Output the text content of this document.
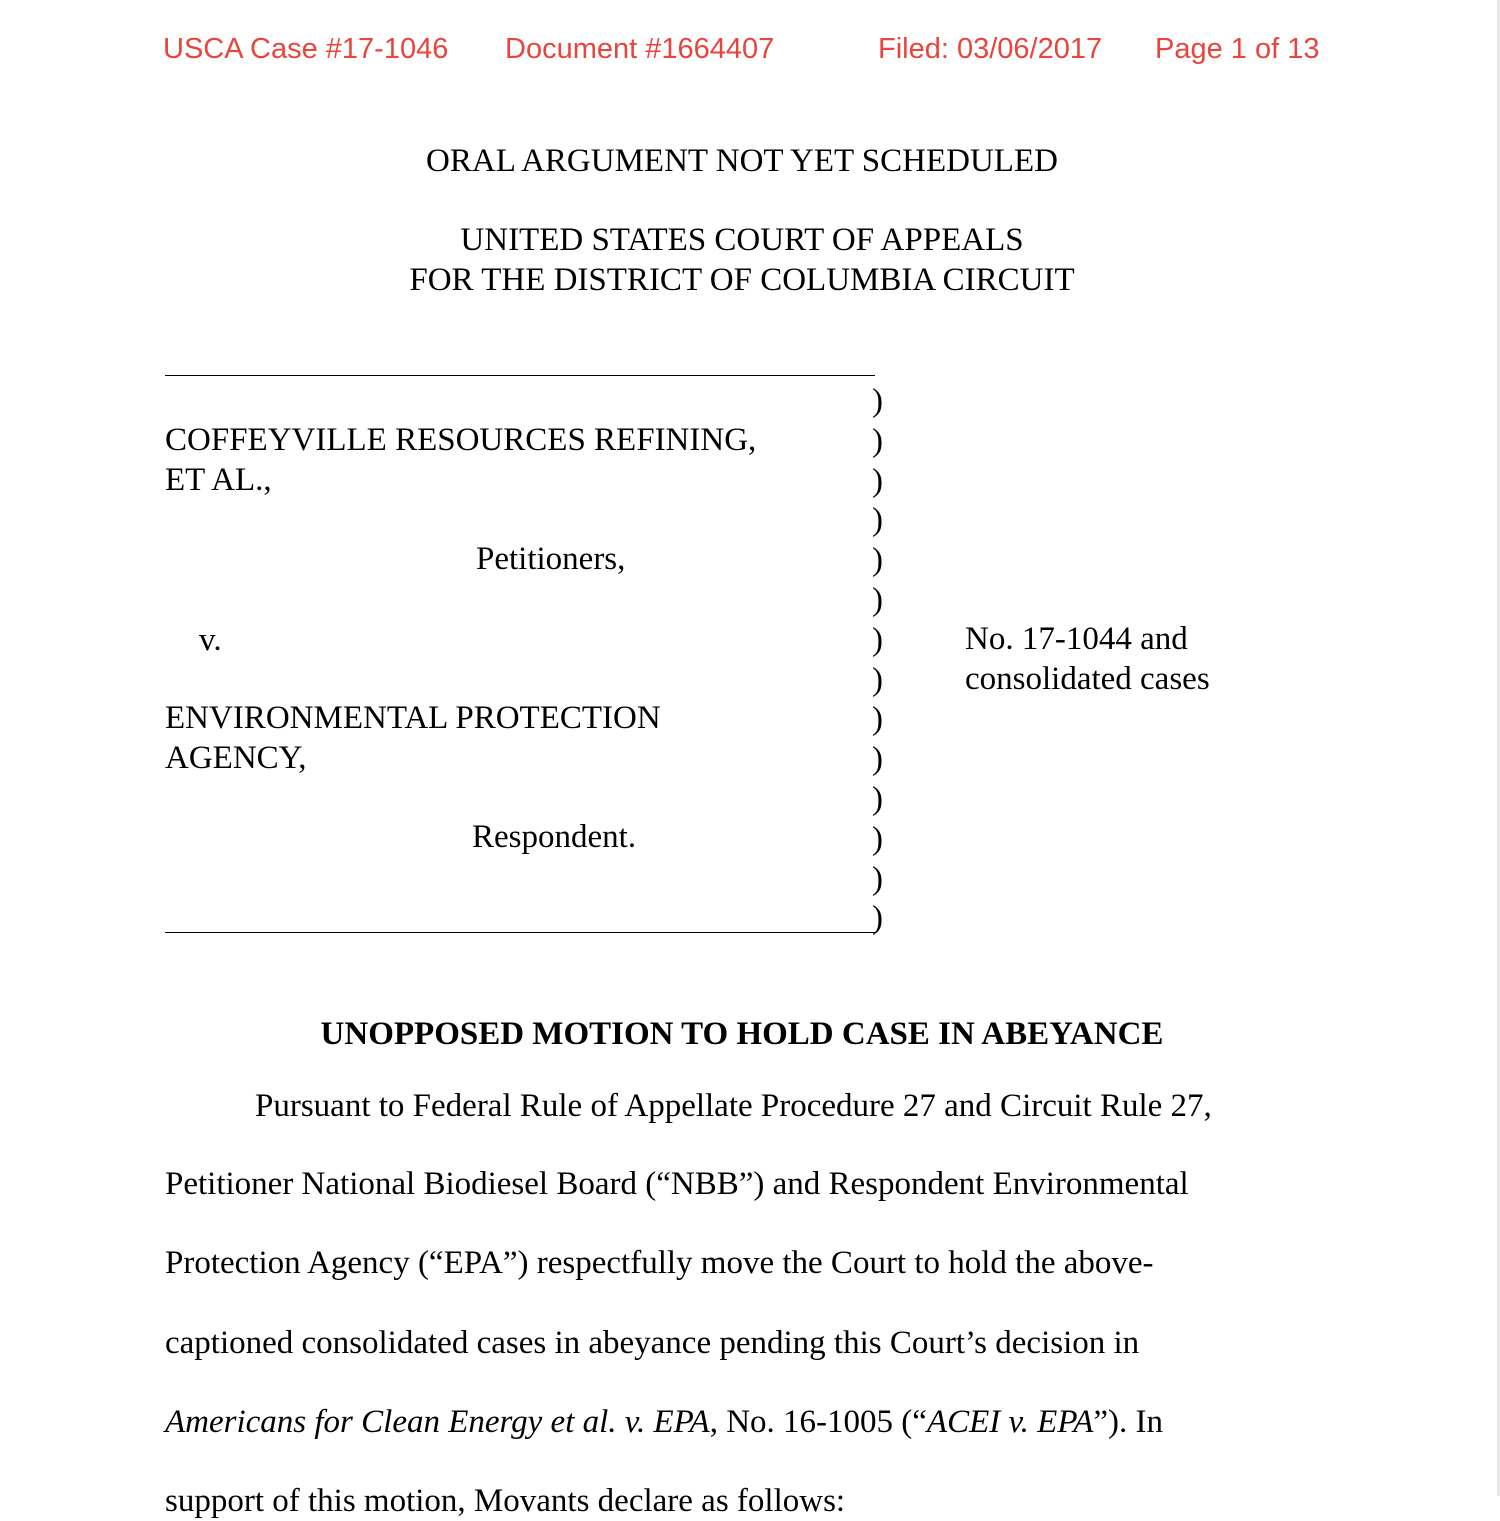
USCA Case #17-1046 Document #1664407	Filed: 03/06/2017 Page 1 of 13
ORAL ARGUMENT NOT YET SCHEDULED
UNITED STATES COURT OF APPEALS
FOR THE DISTRICT OF COLUMBIA CIRCUIT
)
)
)
)
)
)
)
)
)
)
)
)
)
)
COFFEYVILLE RESOURCES REFINING,
ET AL.,
Petitioners,
v.
ENVIRONMENTAL PROTECTION
AGENCY,
Respondent.
No. 17-1044 and
consolidated cases
UNOPPOSED MOTION TO HOLD CASE IN ABEYANCE
Pursuant to Federal Rule of Appellate Procedure 27 and Circuit Rule 27,
Petitioner National Biodiesel Board (“NBB”) and Respondent Environmental
Protection Agency (“EPA”) respectfully move the Court to hold the above-
captioned consolidated cases in abeyance pending this Court’s decision in
Americans for Clean Energy et al. v. EPA, No. 16-1005 (“ACEI v. EPA”). In
support of this motion, Movants declare as follows:
